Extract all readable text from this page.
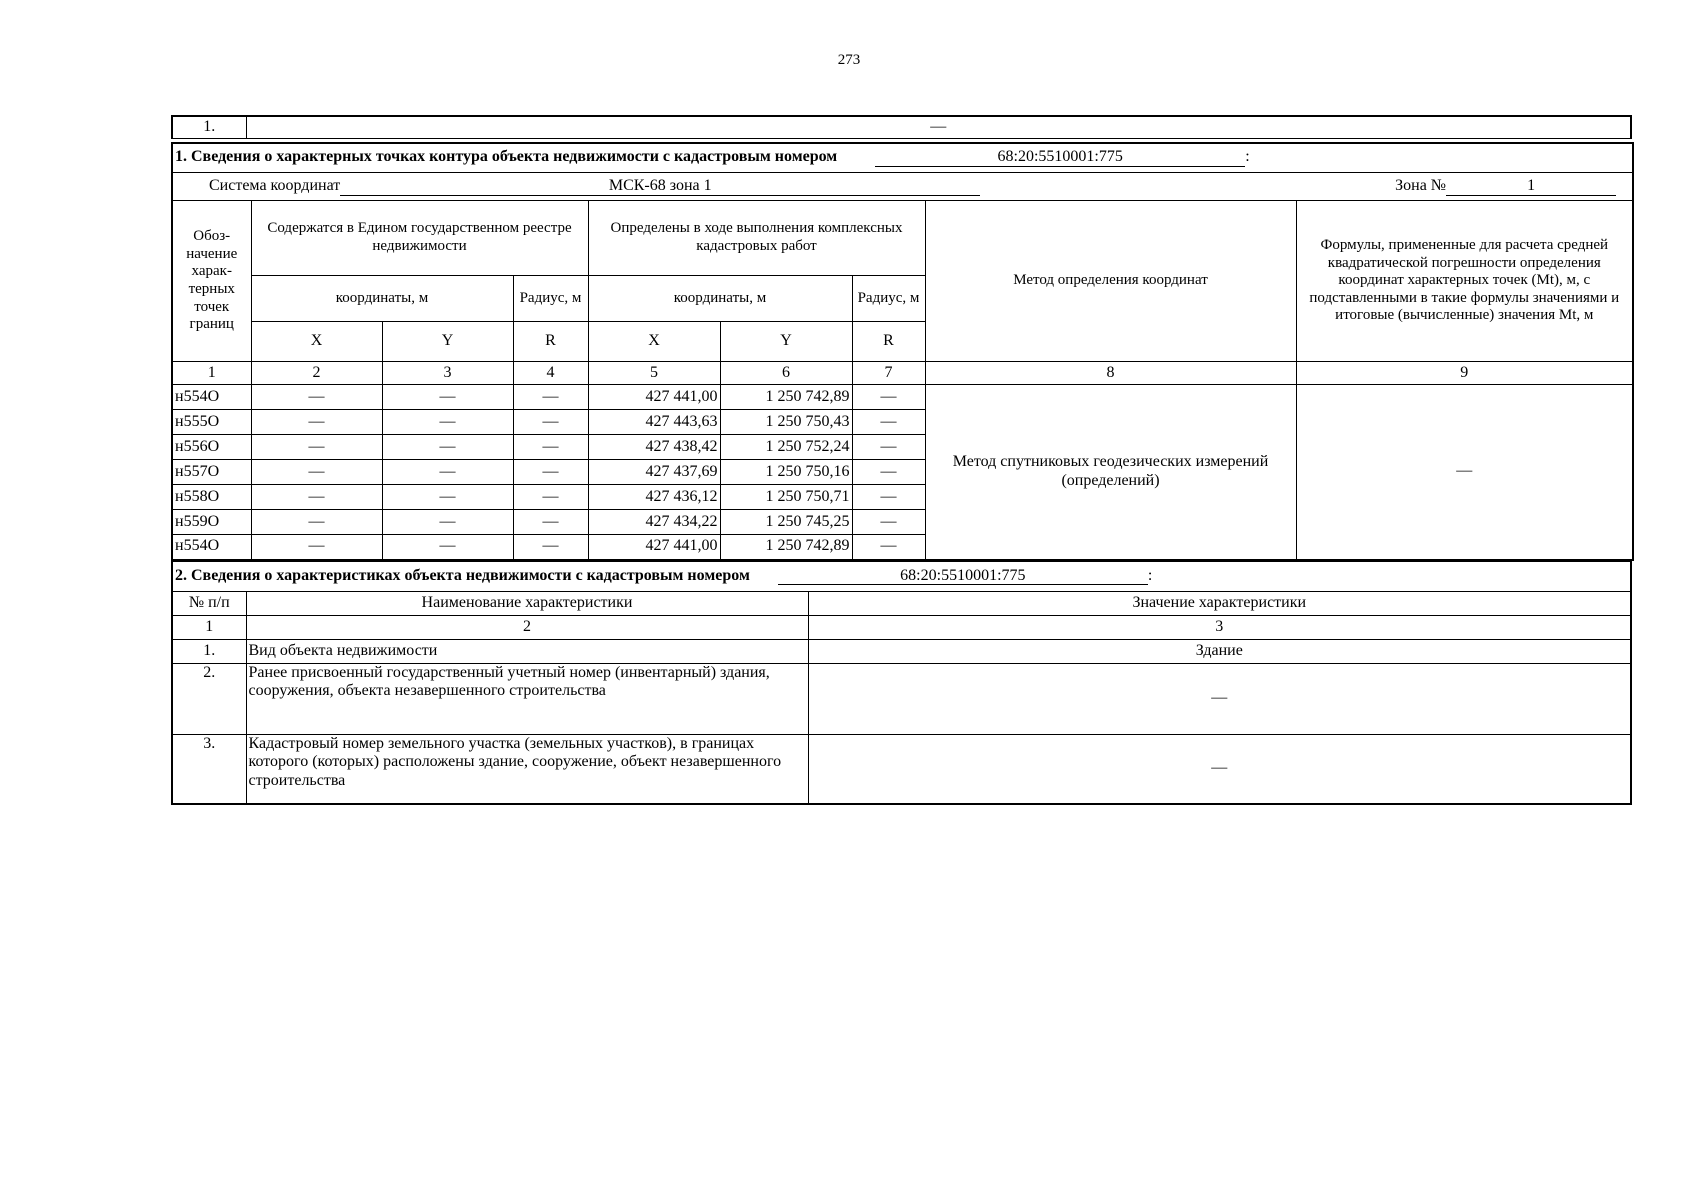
273
1.	—
1. Сведения о характерных точках контура объекта недвижимости с кадастровым номером 68:20:5510001:775 :								
Система координат МСК-68 зона 1 Зона № 1								

Обоз-начение харак-терных точек границ	Содержатся в Едином государственном реестре недвижимости			Определены в ходе выполнения комплексных кадастровых работ			Метод определения координат	Формулы, примененные для расчета средней квадратической погрешности определения координат характерных точек (Mt), м, с подставленными в такие формулы значениями и итоговые (вычисленные) значения Mt, м
	координаты, м		Радиус, м	координаты, м		Радиус, м		
	X	Y	R	X	Y	R		
1	2	3	4	5	6	7	8	9
н554О	—	—	—	427 441,00	1 250 742,89	—	Метод спутниковых геодезических измерений (определений)	—
н555О	—	—	—	427 443,63	1 250 750,43	—		
н556О	—	—	—	427 438,42	1 250 752,24	—		
н557О	—	—	—	427 437,69	1 250 750,16	—		
н558О	—	—	—	427 436,12	1 250 750,71	—		
н559О	—	—	—	427 434,22	1 250 745,25	—		
н554О	—	—	—	427 441,00	1 250 742,89	—		
2. Сведения о характеристиках объекта недвижимости с кадастровым номером 68:20:5510001:775 :		
№ п/п	Наименование характеристики	Значение характеристики
1	2	3
1.	Вид объекта недвижимости	Здание
2.	Ранее присвоенный государственный учетный номер (инвентарный) здания, сооружения, объекта незавершенного строительства	—
3.	Кадастровый номер земельного участка (земельных участков), в границах которого (которых) расположены здание, сооружение, объект незавершенного строительства	—
